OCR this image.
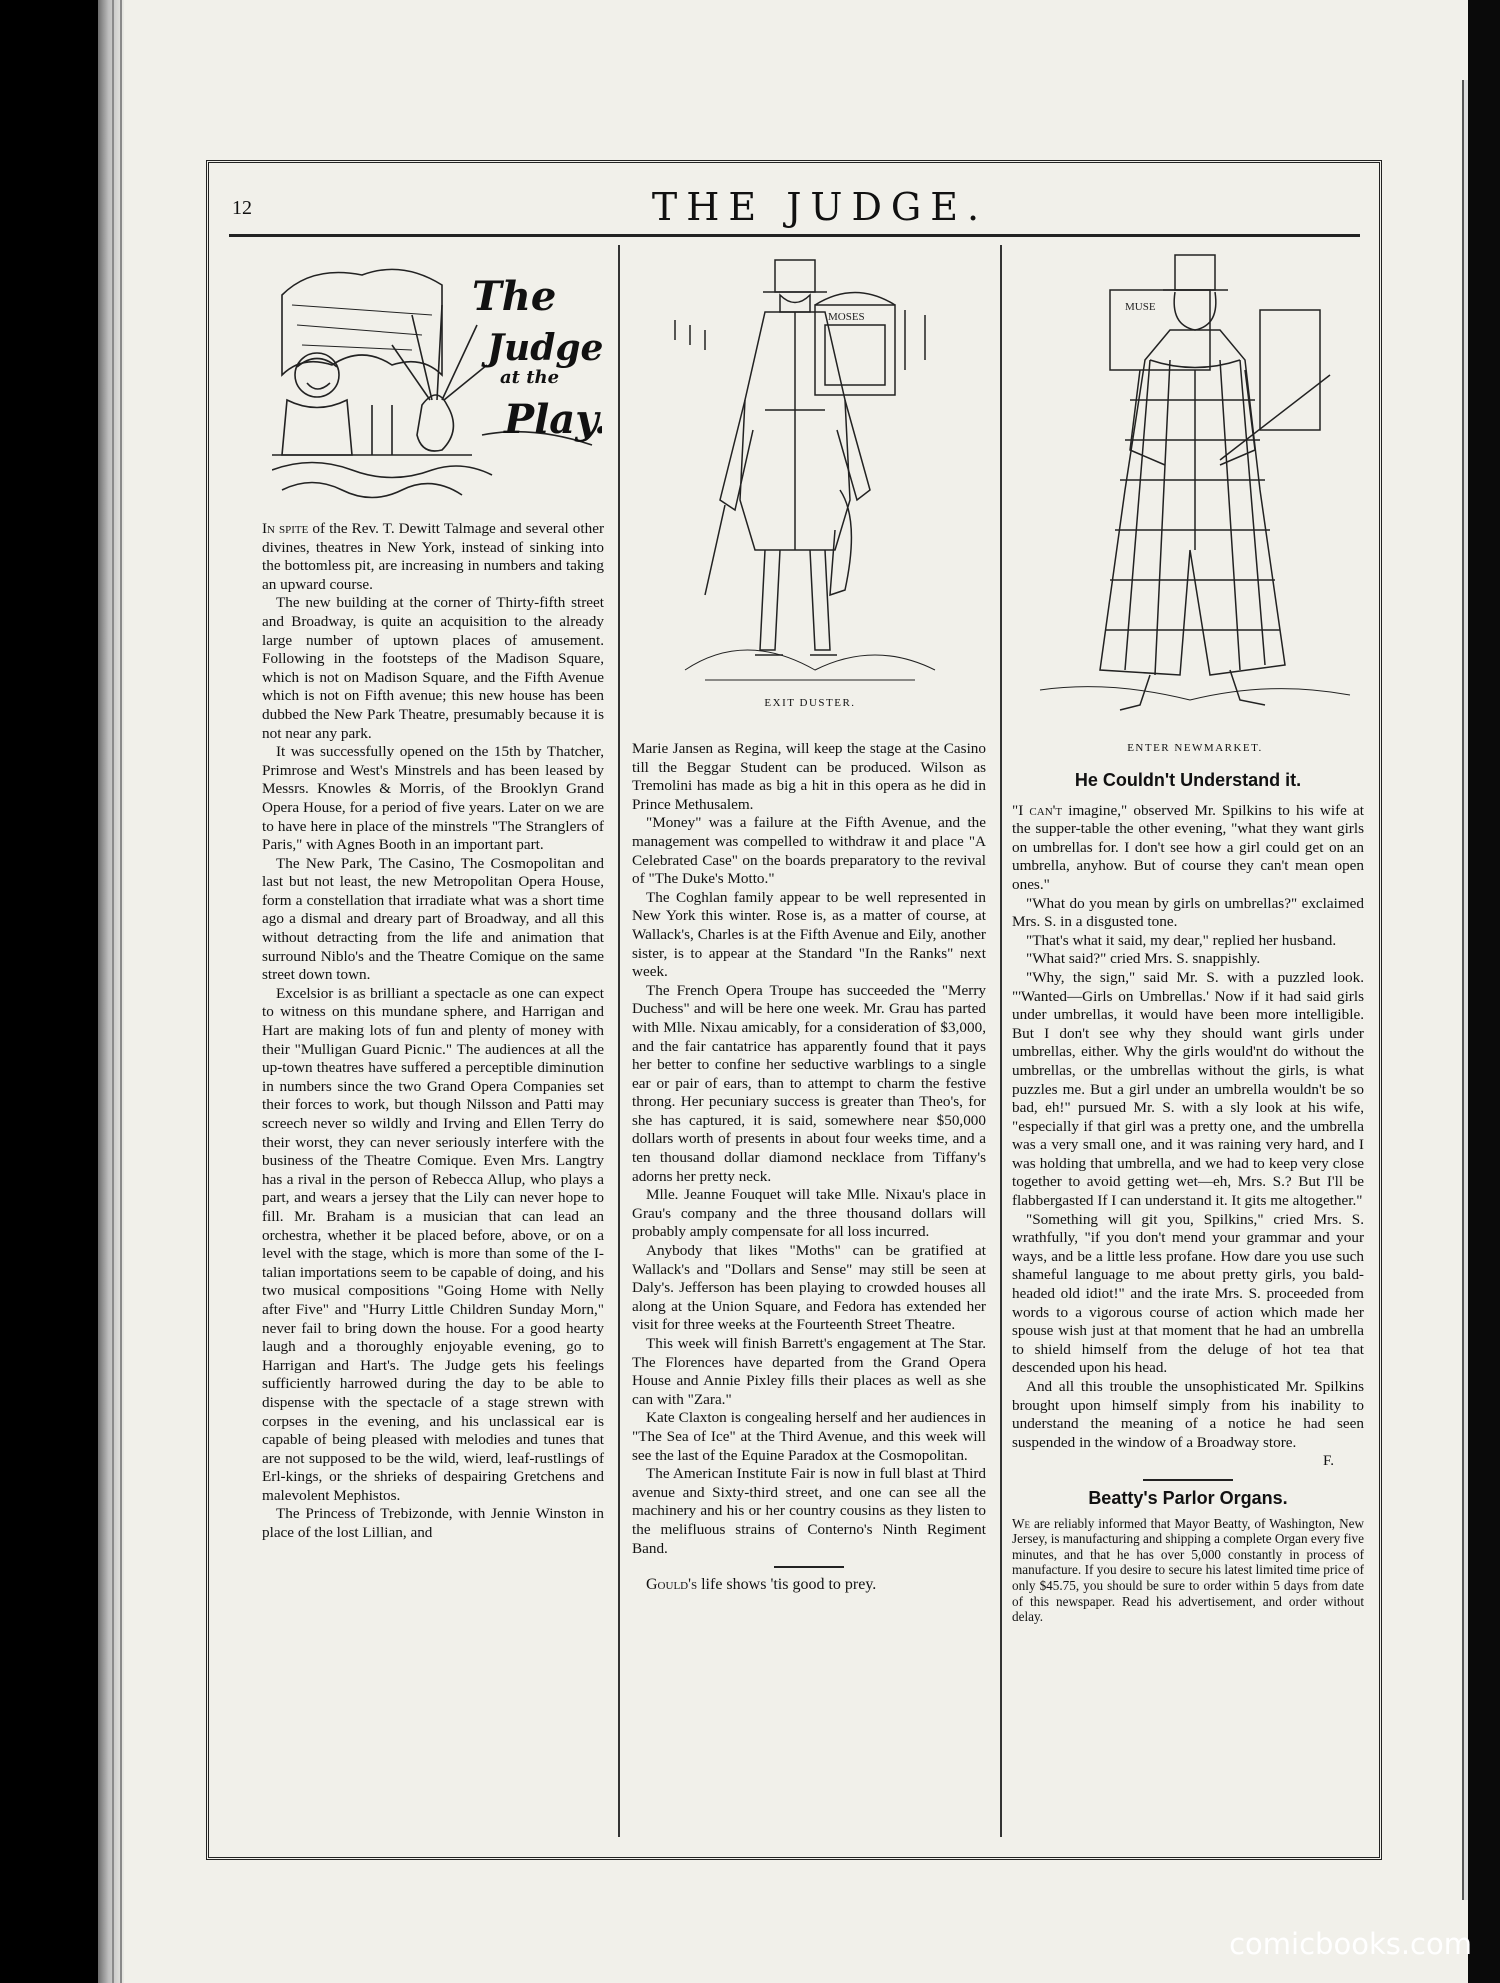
12	THE JUDGE.
The
Judge
at the
Play.

In spite of the Rev. T. Dewitt Talmage and several other divines, theatres in New York, instead of sinking into the bottomless pit, are increasing in numbers and taking an upward course.

The new building at the corner of Thirty-fifth street and Broadway, is quite an acquisition to the already large number of uptown places of amusement. Following in the footsteps of the Madison Square, which is not on Madison Square, and the Fifth Avenue which is not on Fifth avenue; this new house has been dubbed the New Park Theatre, presumably because it is not near any park.

It was successfully opened on the 15th by Thatcher, Primrose and West's Minstrels and has been leased by Messrs. Knowles & Morris, of the Brooklyn Grand Opera House, for a period of five years. Later on we are to have here in place of the minstrels "The Stranglers of Paris," with Agnes Booth in an important part.

The New Park, The Casino, The Cosmopolitan and last but not least, the new Metropolitan Opera House, form a constellation that irradiate what was a short time ago a dismal and dreary part of Broadway, and all this without detracting from the life and animation that surround Niblo's and the Theatre Comique on the same street down town.

Excelsior is as brilliant a spectacle as one can expect to witness on this mundane sphere, and Harrigan and Hart are making lots of fun and plenty of money with their "Mulligan Guard Picnic." The audiences at all the up-town theatres have suffered a perceptible diminution in numbers since the two Grand Opera Companies set their forces to work, but though Nilsson and Patti may screech never so wildly and Irving and Ellen Terry do their worst, they can never seriously interfere with the business of the Theatre Comique. Even Mrs. Langtry has a rival in the person of Rebecca Allup, who plays a part, and wears a jersey that the Lily can never hope to fill. Mr. Braham is a musician that can lead an orchestra, whether it be placed before, above, or on a level with the stage, which is more than some of the I-talian importations seem to be capable of doing, and his two musical compositions "Going Home with Nelly after Five" and "Hurry Little Children Sunday Morn," never fail to bring down the house. For a good hearty laugh and a thoroughly enjoyable evening, go to Harrigan and Hart's. The Judge gets his feelings sufficiently harrowed during the day to be able to dispense with the spectacle of a stage strewn with corpses in the evening, and his unclassical ear is capable of being pleased with melodies and tunes that are not supposed to be the wild, wierd, leaf-rustlings of Erl-kings, or the shrieks of despairing Gretchens and malevolent Mephistos.

The Princess of Trebizonde, with Jennie Winston in place of the lost Lillian, and

MOSES
EXIT DUSTER.

Marie Jansen as Regina, will keep the stage at the Casino till the Beggar Student can be produced. Wilson as Tremolini has made as big a hit in this opera as he did in Prince Methusalem.

"Money" was a failure at the Fifth Avenue, and the management was compelled to withdraw it and place "A Celebrated Case" on the boards preparatory to the revival of "The Duke's Motto."

The Coghlan family appear to be well represented in New York this winter. Rose is, as a matter of course, at Wallack's, Charles is at the Fifth Avenue and Eily, another sister, is to appear at the Standard "In the Ranks" next week.

The French Opera Troupe has succeeded the "Merry Duchess" and will be here one week. Mr. Grau has parted with Mlle. Nixau amicably, for a consideration of $3,000, and the fair cantatrice has apparently found that it pays her better to confine her seductive warblings to a single ear or pair of ears, than to attempt to charm the festive throng. Her pecuniary success is greater than Theo's, for she has captured, it is said, somewhere near $50,000 dollars worth of presents in about four weeks time, and a ten thousand dollar diamond necklace from Tiffany's adorns her pretty neck.

Mlle. Jeanne Fouquet will take Mlle. Nixau's place in Grau's company and the three thousand dollars will probably amply compensate for all loss incurred.

Anybody that likes "Moths" can be gratified at Wallack's and "Dollars and Sense" may still be seen at Daly's. Jefferson has been playing to crowded houses all along at the Union Square, and Fedora has extended her visit for three weeks at the Fourteenth Street Theatre.

This week will finish Barrett's engagement at The Star. The Florences have departed from the Grand Opera House and Annie Pixley fills their places as well as she can with "Zara."

Kate Claxton is congealing herself and her audiences in "The Sea of Ice" at the Third Avenue, and this week will see the last of the Equine Paradox at the Cosmopolitan.

The American Institute Fair is now in full blast at Third avenue and Sixty-third street, and one can see all the machinery and his or her country cousins as they listen to the melifluous strains of Conterno's Ninth Regiment Band.

Gould's life shows 'tis good to prey.

MUSE
ENTER NEWMARKET.
He Couldn't Understand it.

"I can't imagine," observed Mr. Spilkins to his wife at the supper-table the other evening, "what they want girls on umbrellas for. I don't see how a girl could get on an umbrella, anyhow. But of course they can't mean open ones."

"What do you mean by girls on umbrellas?" exclaimed Mrs. S. in a disgusted tone.

"That's what it said, my dear," replied her husband.

"What said?" cried Mrs. S. snappishly.

"Why, the sign," said Mr. S. with a puzzled look. "'Wanted—Girls on Umbrellas.' Now if it had said girls under umbrellas, it would have been more intelligible. But I don't see why they should want girls under umbrellas, either. Why the girls would'nt do without the umbrellas, or the umbrellas without the girls, is what puzzles me. But a girl under an umbrella wouldn't be so bad, eh!" pursued Mr. S. with a sly look at his wife, "especially if that girl was a pretty one, and the umbrella was a very small one, and it was raining very hard, and I was holding that umbrella, and we had to keep very close together to avoid getting wet—eh, Mrs. S.? But I'll be flabbergasted If I can understand it. It gits me altogether."

"Something will git you, Spilkins," cried Mrs. S. wrathfully, "if you don't mend your grammar and your ways, and be a little less profane. How dare you use such shameful language to me about pretty girls, you bald-headed old idiot!" and the irate Mrs. S. proceeded from words to a vigorous course of action which made her spouse wish just at that moment that he had an umbrella to shield himself from the deluge of hot tea that descended upon his head.

And all this trouble the unsophisticated Mr. Spilkins brought upon himself simply from his inability to understand the meaning of a notice he had seen suspended in the window of a Broadway store.

F.
Beatty's Parlor Organs.

We are reliably informed that Mayor Beatty, of Washington, New Jersey, is manufacturing and shipping a complete Organ every five minutes, and that he has over 5,000 constantly in process of manufacture. If you desire to secure his latest limited time price of only $45.75, you should be sure to order within 5 days from date of this newspaper. Read his advertisement, and order without delay.

comicbooks.com
